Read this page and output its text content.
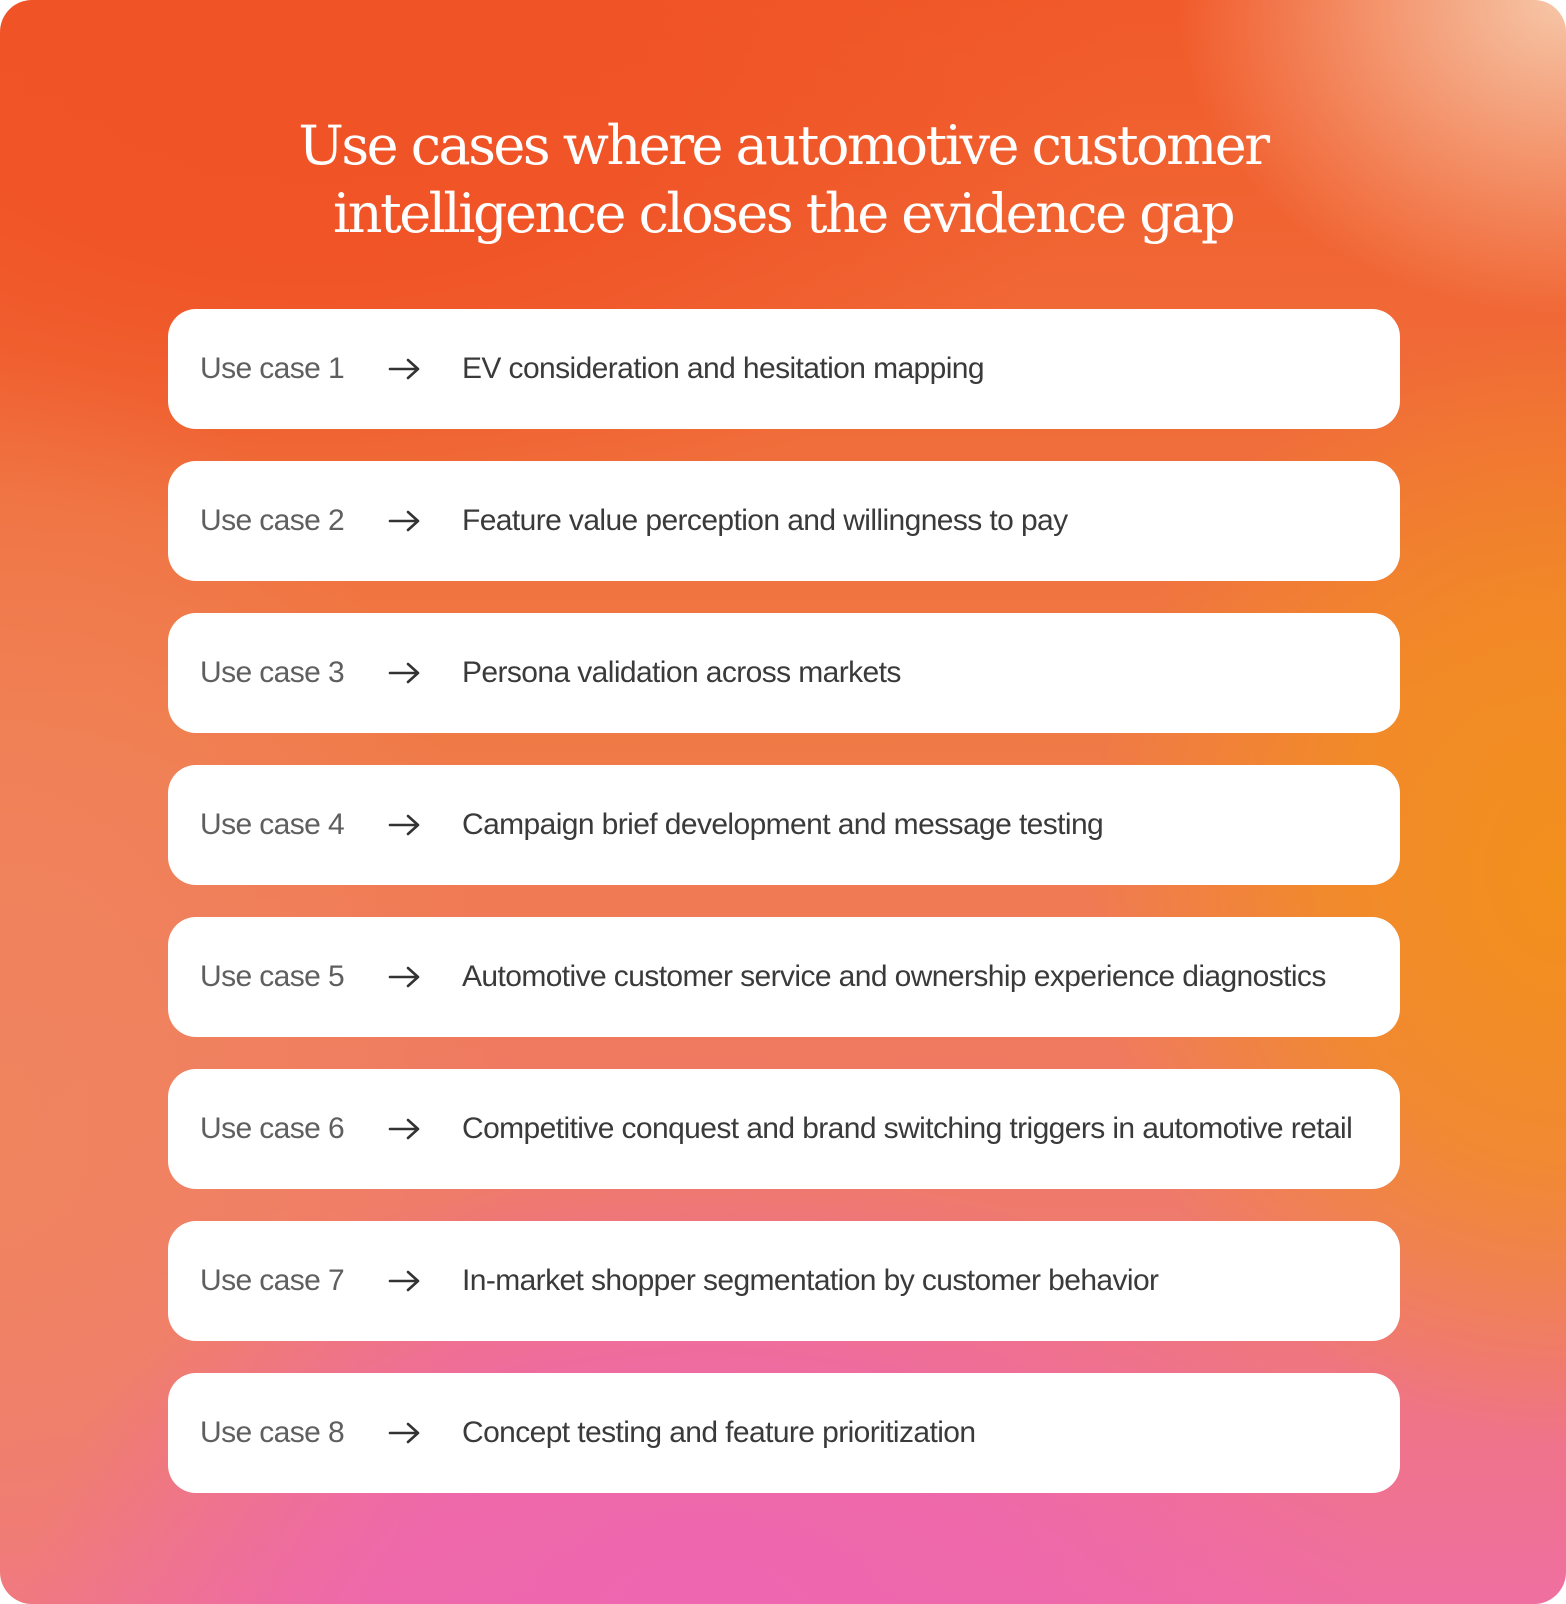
Use cases where automotive customer
intelligence closes the evidence gap
Use case 1	EV consideration and hesitation mapping
Use case 2	Feature value perception and willingness to pay
Use case 3	Persona validation across markets
Use case 4	Campaign brief development and message testing
Use case 5	Automotive customer service and ownership experience diagnostics
Use case 6	Competitive conquest and brand switching triggers in automotive retail
Use case 7	In-market shopper segmentation by customer behavior
Use case 8	Concept testing and feature prioritization
